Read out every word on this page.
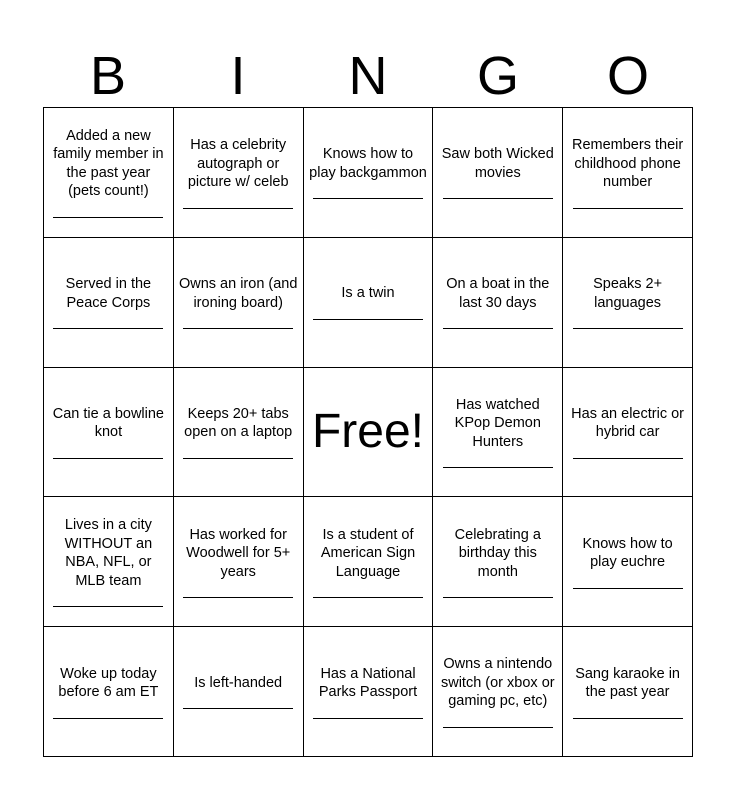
B	I	N	G	O
Added a new family member in the past year (pets count!)
Has a celebrity autograph or picture w/ celeb
Knows how to play backgammon
Saw both Wicked movies
Remembers their childhood phone number
Served in the Peace Corps
Owns an iron (and ironing board)
Is a twin
On a boat in the last 30 days
Speaks 2+ languages
Can tie a bowline knot
Keeps 20+ tabs open on a laptop Free!
Has watched KPop Demon Hunters
Has an electric or hybrid car
Lives in a city WITHOUT an NBA, NFL, or MLB team
Has worked for Woodwell for 5+ years
Is a student of American Sign Language
Celebrating a birthday this month
Knows how to play euchre
Woke up today before 6 am ET
Is left-handed
Has a National Parks Passport
Owns a nintendo switch (or xbox or gaming pc, etc)
Sang karaoke in the past year
